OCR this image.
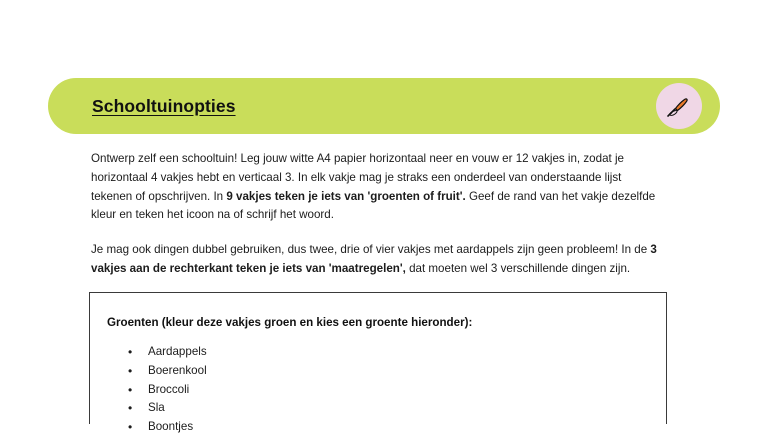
Schooltuinopties

Ontwerp zelf een schooltuin! Leg jouw witte A4 papier horizontaal neer en vouw er 12 vakjes in, zodat je horizontaal 4 vakjes hebt en verticaal 3. In elk vakje mag je straks een onderdeel van onderstaande lijst tekenen of opschrijven. In 9 vakjes teken je iets van 'groenten of fruit'. Geef de rand van het vakje dezelfde kleur en teken het icoon na of schrijf het woord.

Je mag ook dingen dubbel gebruiken, dus twee, drie of vier vakjes met aardappels zijn geen probleem! In de 3 vakjes aan de rechterkant teken je iets van 'maatregelen', dat moeten wel 3 verschillende dingen zijn.

Groenten (kleur deze vakjes groen en kies een groente hieronder):
• Aardappels
• Boerenkool
• Broccoli
• Sla
• Boontjes
